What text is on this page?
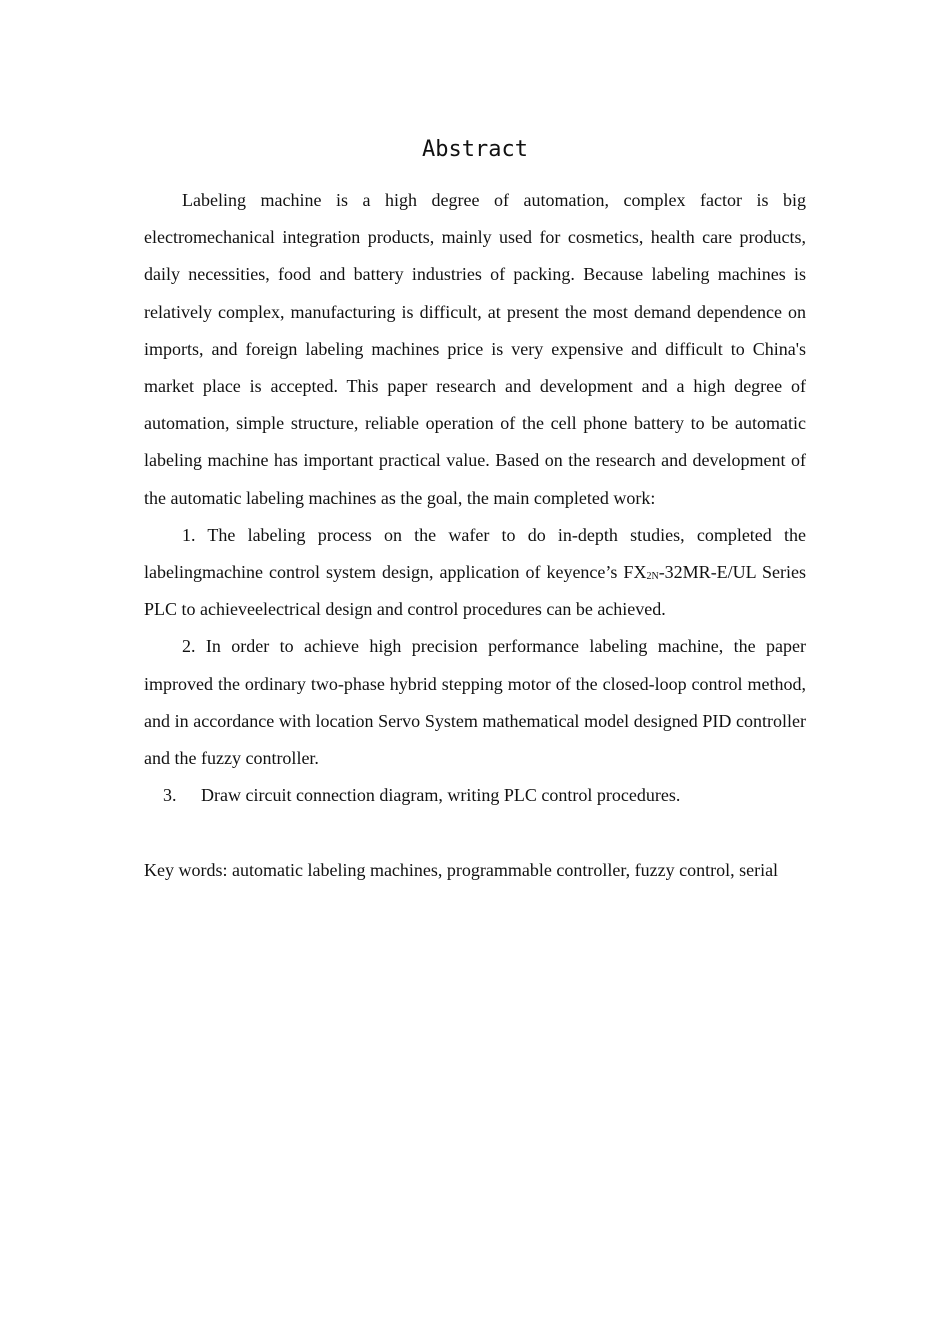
Abstract

Labeling machine is a high degree of automation, complex factor is big electromechanical integration products, mainly used for cosmetics, health care products, daily necessities, food and battery industries of packing. Because labeling machines is relatively complex, manufacturing is difficult, at present the most demand dependence on imports, and foreign labeling machines price is very expensive and difficult to China's market place is accepted. This paper research and development and a high degree of automation, simple structure, reliable operation of the cell phone battery to be automatic labeling machine has important practical value. Based on the research and development of the automatic labeling machines as the goal, the main completed work:

1. The labeling process on the wafer to do in-depth studies, completed the labelingmachine control system design, application of keyence’s $FX_{2N}-32MR-E/UL$ Series PLC to achieveelectrical design and control procedures can be achieved.

2. In order to achieve high precision performance labeling machine, the paper improved the ordinary two-phase hybrid stepping motor of the closed-loop control method, and in accordance with location Servo System mathematical model designed PID controller and the fuzzy controller.

3. Draw circuit connection diagram, writing PLC control procedures.

Key words: automatic labeling machines, programmable controller, fuzzy control, serial
